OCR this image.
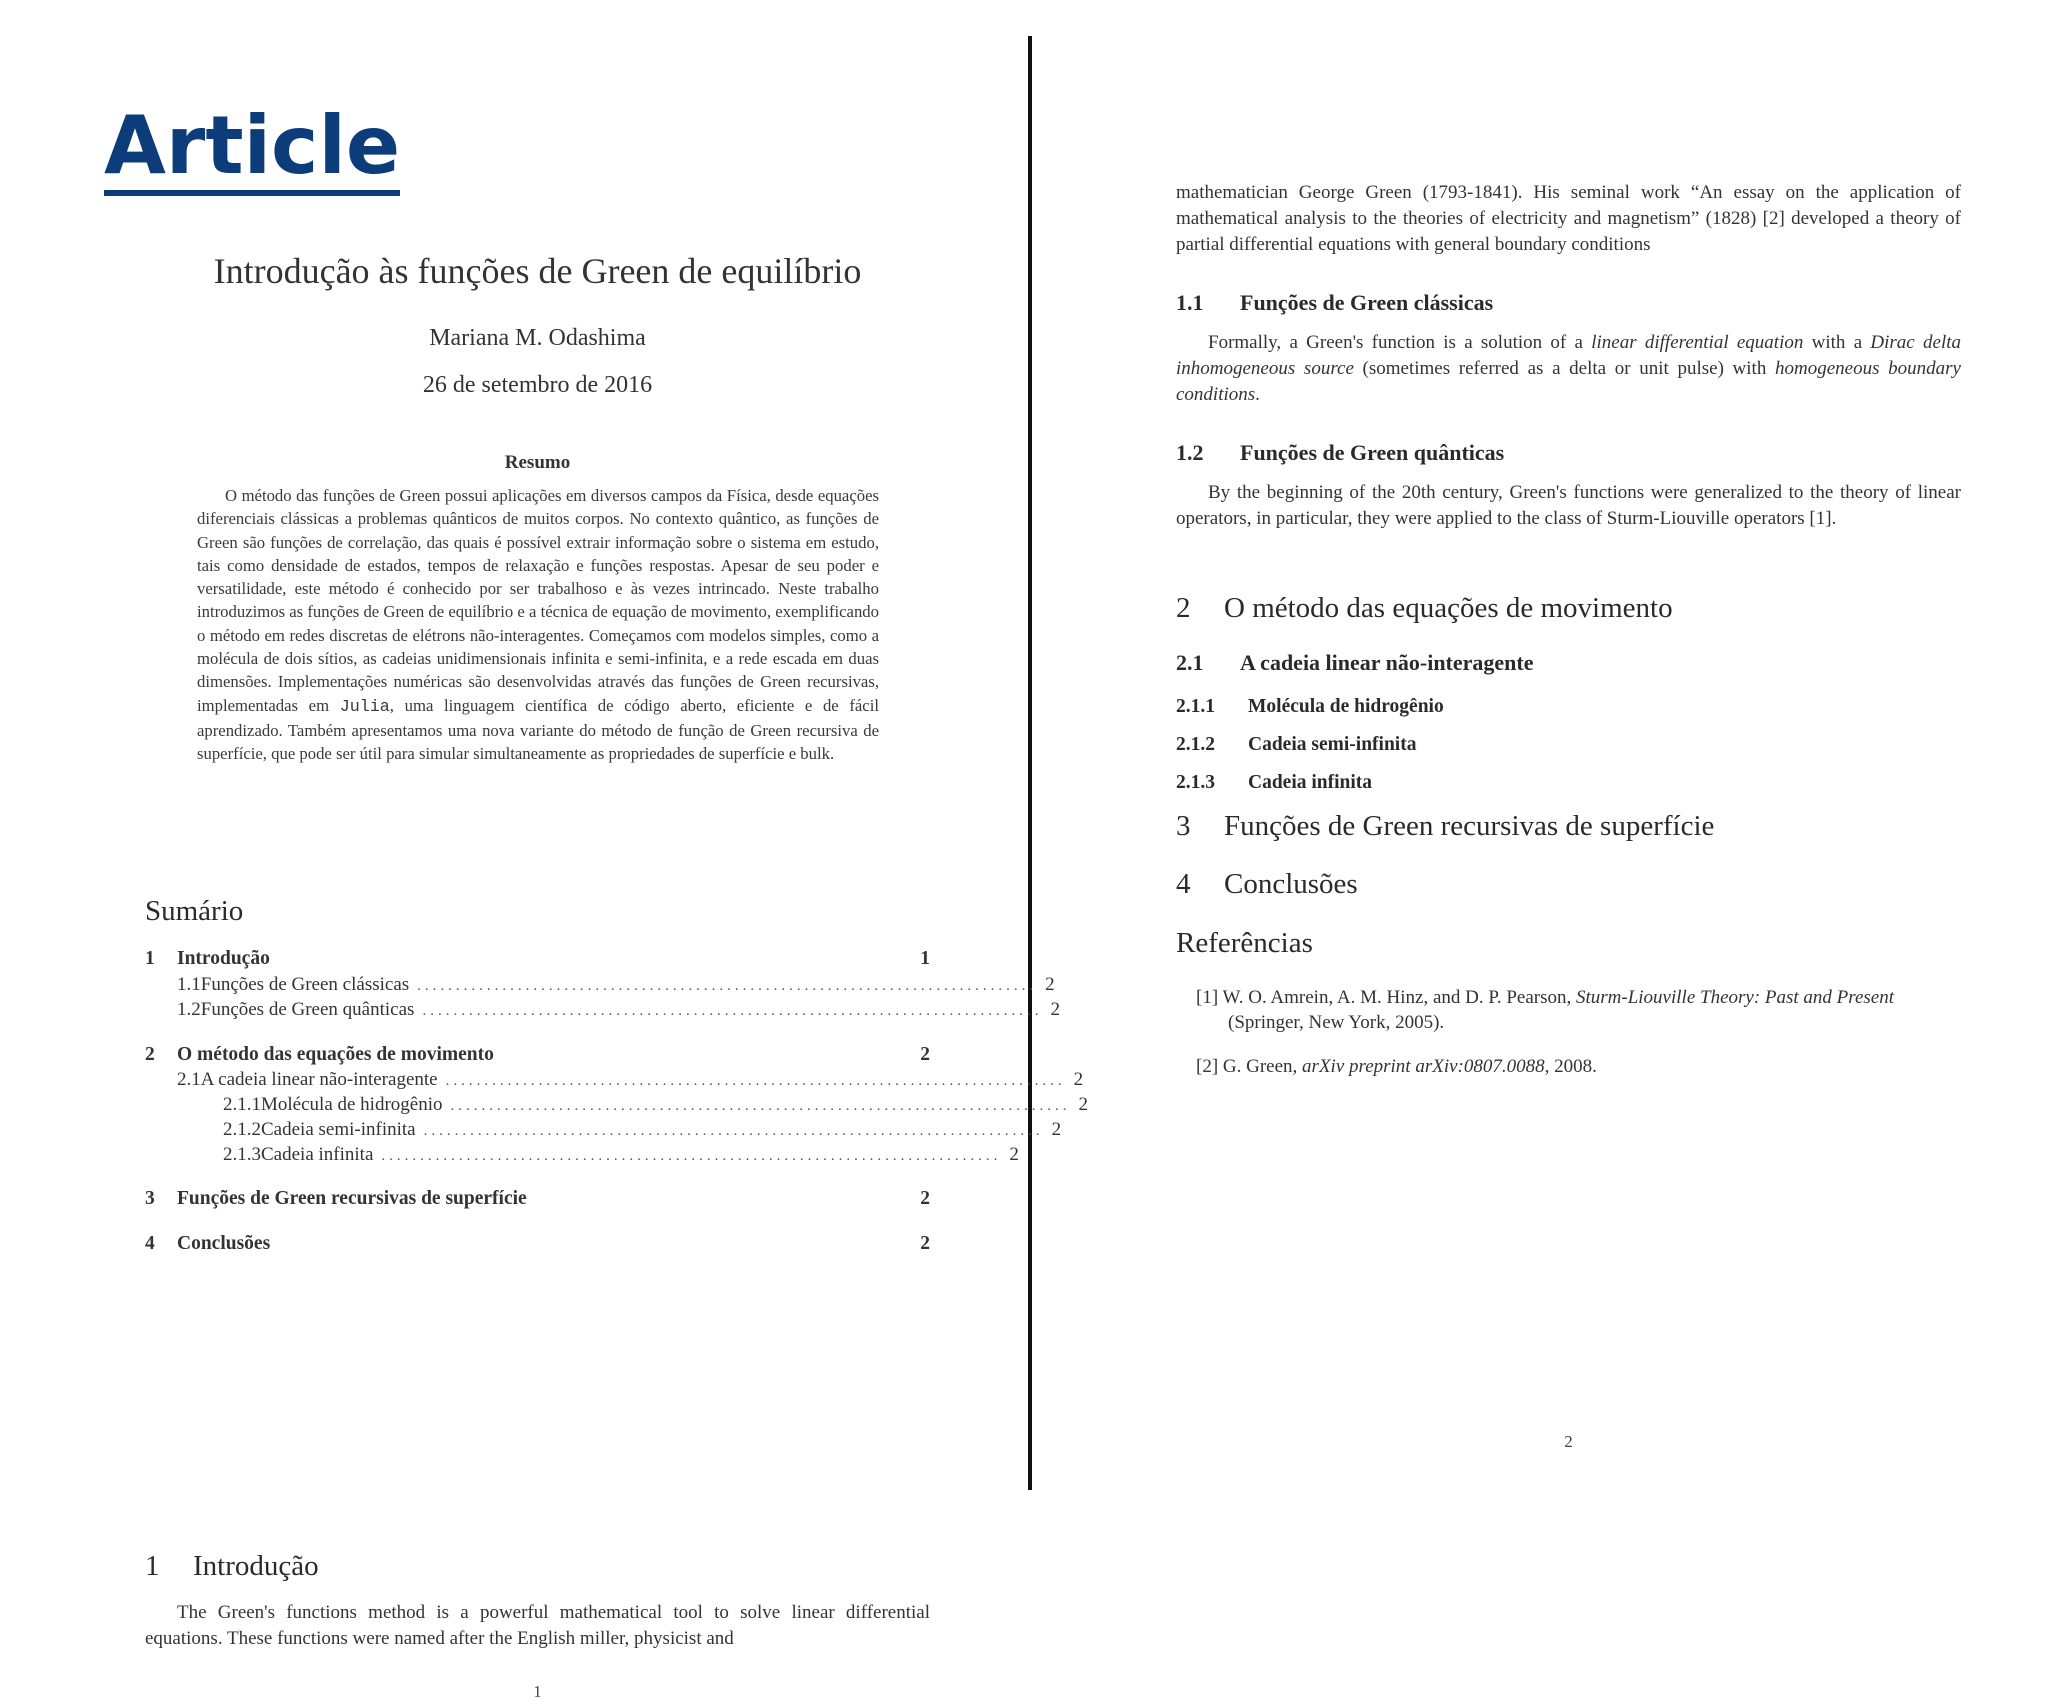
Article
Introdução às funções de Green de equilíbrio
Mariana M. Odashima
26 de setembro de 2016
Resumo
O método das funções de Green possui aplicações em diversos campos da Física, desde equações diferenciais clássicas a problemas quânticos de muitos corpos. No contexto quântico, as funções de Green são funções de correlação, das quais é possível extrair informação sobre o sistema em estudo, tais como densidade de estados, tempos de relaxação e funções respostas. Apesar de seu poder e versatilidade, este método é conhecido por ser trabalhoso e às vezes intrincado. Neste trabalho introduzimos as funções de Green de equilíbrio e a técnica de equação de movimento, exemplificando o método em redes discretas de elétrons não-interagentes. Começamos com modelos simples, como a molécula de dois sítios, as cadeias unidimensionais infinita e semi-infinita, e a rede escada em duas dimensões. Implementações numéricas são desenvolvidas através das funções de Green recursivas, implementadas em Julia, uma linguagem científica de código aberto, eficiente e de fácil aprendizado. Também apresentamos uma nova variante do método de função de Green recursiva de superfície, que pode ser útil para simular simultaneamente as propriedades de superfície e bulk.
Sumário
1	Introdução	1
1.1 Funções de Green clássicas ................................................................................ 2
1.2 Funções de Green quânticas ................................................................................ 2
2	O método das equações de movimento	2
2.1 A cadeia linear não-interagente ................................................................................ 2
2.1.1 Molécula de hidrogênio ................................................................................ 2
2.1.2 Cadeia semi-infinita ................................................................................ 2
2.1.3 Cadeia infinita ................................................................................ 2
3	Funções de Green recursivas de superfície	2
4	Conclusões	2
1 Introdução
The Green's functions method is a powerful mathematical tool to solve linear differential equations. These functions were named after the English miller, physicist and
1
mathematician George Green (1793-1841). His seminal work “An essay on the application of mathematical analysis to the theories of electricity and magnetism” (1828) [2] developed a theory of partial differential equations with general boundary conditions
1.1 Funções de Green clássicas
Formally, a Green's function is a solution of a linear differential equation with a Dirac delta inhomogeneous source (sometimes referred as a delta or unit pulse) with homogeneous boundary conditions.
1.2 Funções de Green quânticas
By the beginning of the 20th century, Green's functions were generalized to the theory of linear operators, in particular, they were applied to the class of Sturm-Liouville operators [1].
2 O método das equações de movimento
2.1 A cadeia linear não-interagente
2.1.1 Molécula de hidrogênio
2.1.2 Cadeia semi-infinita
2.1.3 Cadeia infinita
3 Funções de Green recursivas de superfície
4 Conclusões
Referências
[1] W. O. Amrein, A. M. Hinz, and D. P. Pearson, Sturm-Liouville Theory: Past and Present (Springer, New York, 2005).
[2] G. Green, arXiv preprint arXiv:0807.0088, 2008.
2
